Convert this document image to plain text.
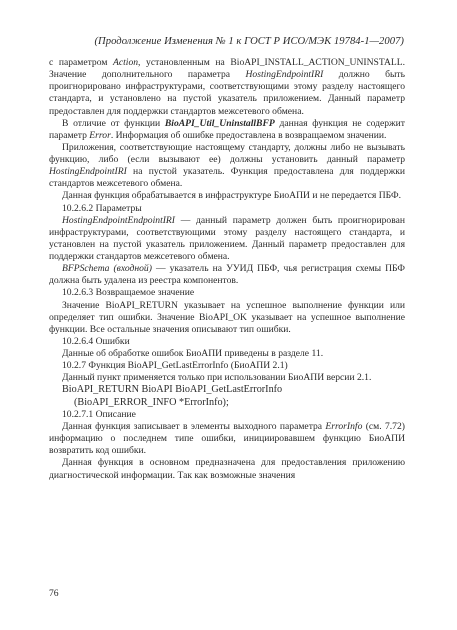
(Продолжение Изменения № 1 к ГОСТ Р ИСО/МЭК 19784-1—2007)

с параметром Action, установленным на BioAPI_INSTALL_ACTION_UNINSTALL. Значение дополнительного параметра HostingEndpointIRI должно быть проигнорировано инфраструктурами, соответствующими этому разделу настоящего стандарта, и установлено на пустой указатель приложением. Данный параметр предоставлен для поддержки стандартов межсетевого обмена.

В отличие от функции BioAPI_Util_UninstallBFP данная функция не содержит параметр Error. Информация об ошибке предоставлена в возвращаемом значении.

Приложения, соответствующие настоящему стандарту, должны либо не вызывать функцию, либо (если вызывают ее) должны установить данный параметр HostingEndpointIRI на пустой указатель. Функция предоставлена для поддержки стандартов межсетевого обмена.

Данная функция обрабатывается в инфраструктуре БиоАПИ и не передается ПБФ.

10.2.6.2 Параметры

HostingEndpointEndpointIRI — данный параметр должен быть проигнорирован инфраструктурами, соответствующими этому разделу настоящего стандарта, и установлен на пустой указатель приложением. Данный параметр предоставлен для поддержки стандартов межсетевого обмена.

BFPSchema (входной) — указатель на УУИД ПБФ, чья регистрация схемы ПБФ должна быть удалена из реестра компонентов.

10.2.6.3 Возвращаемое значение

Значение BioAPI_RETURN указывает на успешное выполнение функции или определяет тип ошибки. Значение BioAPI_OK указывает на успешное выполнение функции. Все остальные значения описывают тип ошибки.

10.2.6.4 Ошибки

Данные об обработке ошибок БиоАПИ приведены в разделе 11.

10.2.7 Функция BioAPI_GetLastErrorInfo (БиоАПИ 2.1)

Данный пункт применяется только при использовании БиоАПИ версии 2.1.

BioAPI_RETURN BioAPI BioAPI_GetLastErrorInfo

(BioAPI_ERROR_INFO *ErrorInfo);

10.2.7.1 Описание

Данная функция записывает в элементы выходного параметра ErrorInfo (см. 7.72) информацию о последнем типе ошибки, инициировавшем функцию БиоАПИ возвратить код ошибки.

Данная функция в основном предназначена для предоставления приложению диагностической информации. Так как возможные значения

76
